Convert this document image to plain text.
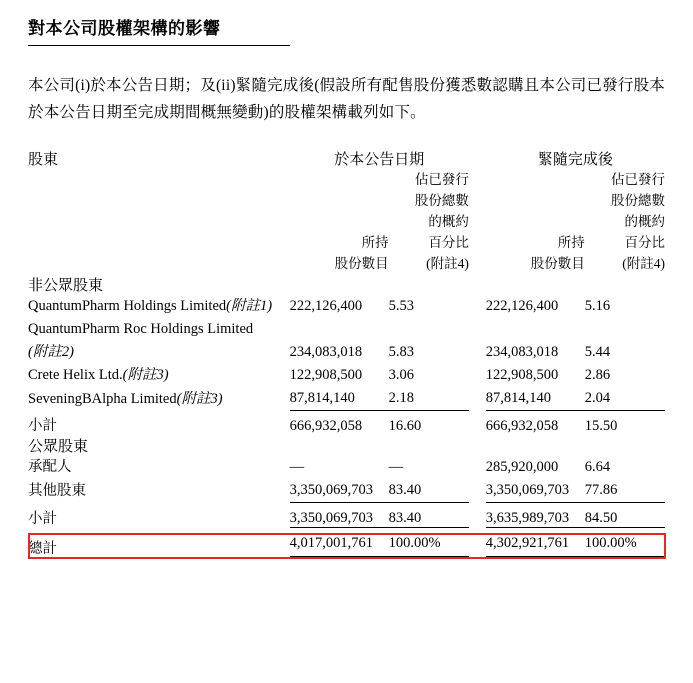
對本公司股權架構的影響
本公司(i)於本公告日期；及(ii)緊隨完成後(假設所有配售股份獲悉數認購且本公司已發行股本於本公告日期至完成期間概無變動)的股權架構載列如下。
股東	於本公告日期			緊隨完成後	

	所持
股份數目	佔已發行
股份總數
的概約
百分比
(附註4)		所持
股份數目	佔已發行
股份總數
的概約
百分比
(附註4)

非公眾股東					
QuantumPharm Holdings Limited(附註1)	222,126,400	5.53		222,126,400	5.16
QuantumPharm Roc Holdings Limited					
(附註2)	234,083,018	5.83		234,083,018	5.44
Crete Helix Ltd.(附註3)	122,908,500	3.06		122,908,500	2.86
SeveningBAlpha Limited(附註3)	87,814,140	2.18		87,814,140	2.04
小計	666,932,058	16.60		666,932,058	15.50
公眾股東					
承配人	—	—		285,920,000	6.64
其他股東	3,350,069,703	83.40		3,350,069,703	77.86
小計	3,350,069,703	83.40		3,635,989,703	84.50
總計	4,017,001,761	100.00%		4,302,921,761	100.00%
